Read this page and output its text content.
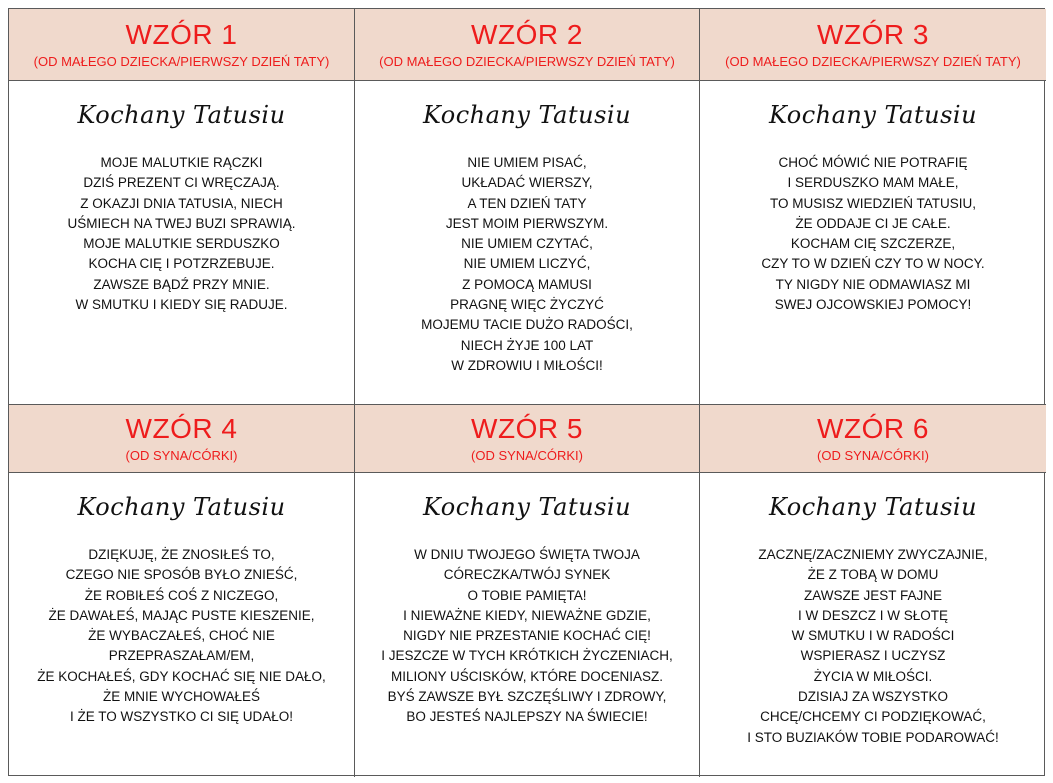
WZÓR 1
(OD MAŁEGO DZIECKA/PIERWSZY DZIEŃ TATY)
WZÓR 2
(OD MAŁEGO DZIECKA/PIERWSZY DZIEŃ TATY)
WZÓR 3
(OD MAŁEGO DZIECKA/PIERWSZY DZIEŃ TATY)
Kochany Tatusiu
MOJE MALUTKIE RĄCZKI
DZIŚ PREZENT CI WRĘCZAJĄ.
Z OKAZJI DNIA TATUSIA, NIECH
UŚMIECH NA TWEJ BUZI SPRAWIĄ.
MOJE MALUTKIE SERDUSZKO
KOCHA CIĘ I POTZRZEBUJE.
ZAWSZE BĄDŹ PRZY MNIE.
W SMUTKU I KIEDY SIĘ RADUJE.
Kochany Tatusiu
NIE UMIEM PISAĆ,
UKŁADAĆ WIERSZY,
A TEN DZIEŃ TATY
JEST MOIM PIERWSZYM.
NIE UMIEM CZYTAĆ,
NIE UMIEM LICZYĆ,
Z POMOCĄ MAMUSI
PRAGNĘ WIĘC ŻYCZYĆ
MOJEMU TACIE DUŻO RADOŚCI,
NIECH ŻYJE 100 LAT
W ZDROWIU I MIŁOŚCI!
Kochany Tatusiu
CHOĆ MÓWIĆ NIE POTRAFIĘ
I SERDUSZKO MAM MAŁE,
TO MUSISZ WIEDZIEŃ TATUSIU,
ŻE ODDAJE CI JE CAŁE.
KOCHAM CIĘ SZCZERZE,
CZY TO W DZIEŃ CZY TO W NOCY.
TY NIGDY NIE ODMAWIASZ MI
SWEJ OJCOWSKIEJ POMOCY!
WZÓR 4
(OD SYNA/CÓRKI)
WZÓR 5
(OD SYNA/CÓRKI)
WZÓR 6
(OD SYNA/CÓRKI)
Kochany Tatusiu
DZIĘKUJĘ, ŻE ZNOSIŁEŚ TO,
CZEGO NIE SPOSÓB BYŁO ZNIEŚĆ,
ŻE ROBIŁEŚ COŚ Z NICZEGO,
ŻE DAWAŁEŚ, MAJĄC PUSTE KIESZENIE,
ŻE WYBACZAŁEŚ, CHOĆ NIE
PRZEPRASZAŁAM/EM,
ŻE KOCHAŁEŚ, GDY KOCHAĆ SIĘ NIE DAŁO,
ŻE MNIE WYCHOWAŁEŚ
I ŻE TO WSZYSTKO CI SIĘ UDAŁO!
Kochany Tatusiu
W DNIU TWOJEGO ŚWIĘTA TWOJA
CÓRECZKA/TWÓJ SYNEK
O TOBIE PAMIĘTA!
I NIEWAŻNE KIEDY, NIEWAŻNE GDZIE,
NIGDY NIE PRZESTANIE KOCHAĆ CIĘ!
I JESZCZE W TYCH KRÓTKICH ŻYCZENIACH,
MILIONY UŚCISKÓW, KTÓRE DOCENIASZ.
BYŚ ZAWSZE BYŁ SZCZĘŚLIWY I ZDROWY,
BO JESTEŚ NAJLEPSZY NA ŚWIECIE!
Kochany Tatusiu
ZACZNĘ/ZACZNIEMY ZWYCZAJNIE,
ŻE Z TOBĄ W DOMU
ZAWSZE JEST FAJNE
I W DESZCZ I W SŁOTĘ
W SMUTKU I W RADOŚCI
WSPIERASZ I UCZYSZ
ŻYCIA W MIŁOŚCI.
DZISIAJ ZA WSZYSTKO
CHCĘ/CHCEMY CI PODZIĘKOWAĆ,
I STO BUZIAKÓW TOBIE PODAROWAĆ!
